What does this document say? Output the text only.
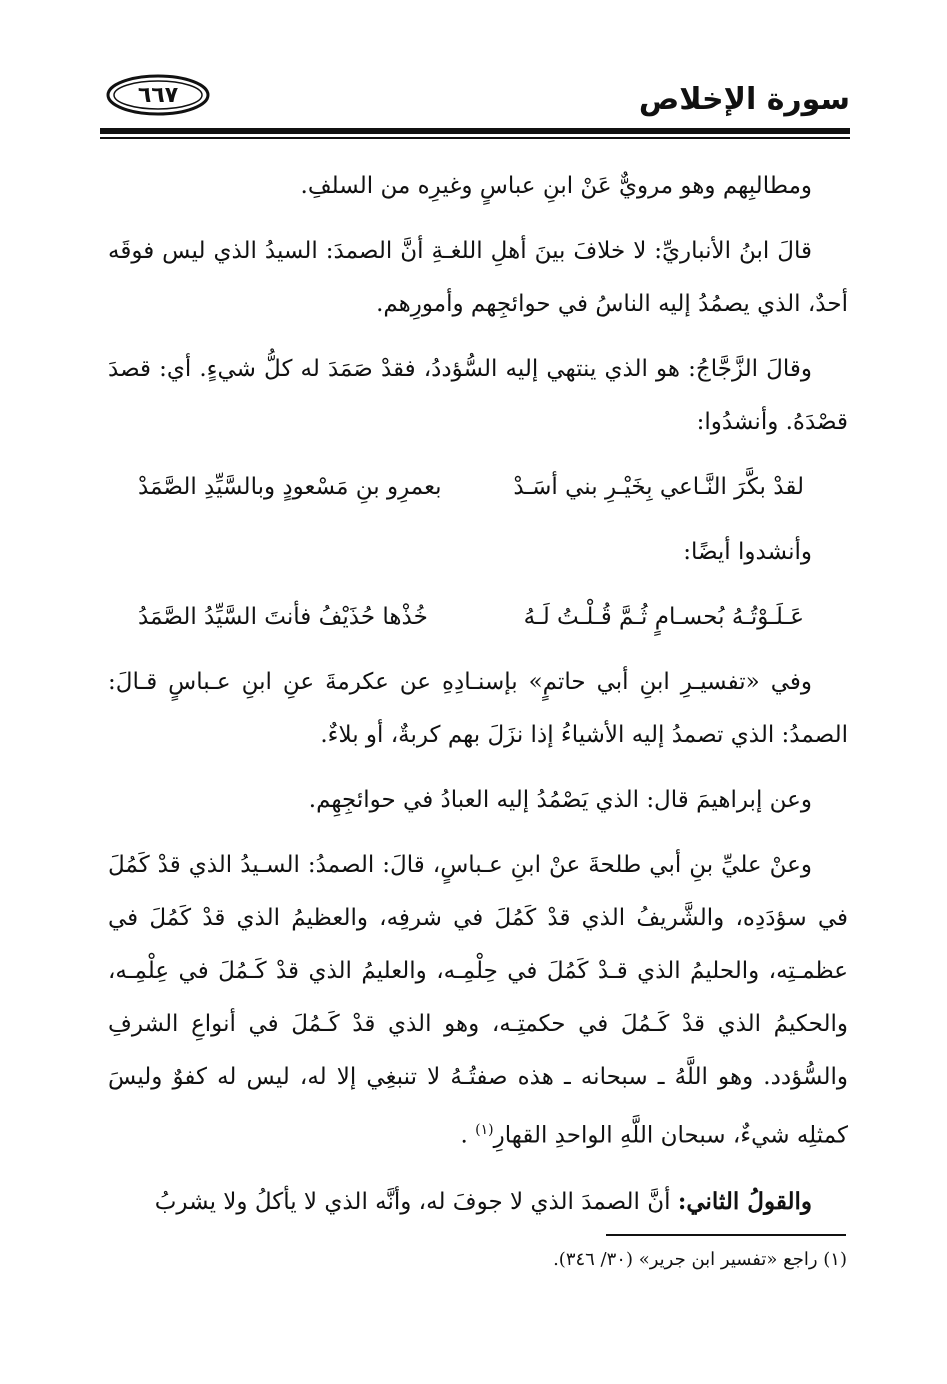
سورة الإخلاص
٦٦٧

ومطالبِهم وهو مرويٌّ عَنْ ابنِ عباسٍ وغيرِه من السلفِ.

قالَ ابنُ الأنباريِّ: لا خلافَ بينَ أهلِ اللغـةِ أنَّ الصمدَ: السيدُ الذي ليس فوقَه أحدٌ، الذي يصمُدُ إليه الناسُ في حوائجِهم وأمورِهم.

وقالَ الزَّجَّاجُ: هو الذي ينتهي إليه السُّؤددُ، فقدْ صَمَدَ له كلُّ شيءٍ. أي: قصدَ قصْدَهُ. وأنشدُوا:

لقدْ بكَّرَ النَّـاعي بِخَيْـرِ بني أسَـدْ
بعمرِو بنِ مَسْعودٍ وبالسَّيِّدِ الصَّمَدْ

وأنشدوا أيضًا:

عَـلَـوْتُـهُ بُحسـامٍ ثُـمَّ قُـلْـتُ لَـهُ
خُذْها حُذَيْفُ فأنتَ السَّيِّدُ الصَّمَدُ

وفي «تفسيـرِ ابنِ أبي حاتمٍ» بإسنـادِهِ عن عكرمةَ عنِ ابنِ عـباسٍ قـالَ: الصمدُ: الذي تصمدُ إليه الأشياءُ إذا نزَلَ بهم كربةٌ، أو بلاءٌ.

وعن إبراهيمَ قال: الذي يَصْمُدُ إليه العبادُ في حوائجِهِم.

وعنْ عليِّ بنِ أبي طلحةَ عنْ ابنِ عـباسٍ، قالَ: الصمدُ: السـيدُ الذي قدْ كَمُلَ في سؤدَدِه، والشَّريفُ الذي قدْ كَمُلَ في شرفِه، والعظيمُ الذي قدْ كَمُلَ في عظمـتِه، والحليمُ الذي قـدْ كَمُلَ في حِلْمِـه، والعليمُ الذي قدْ كَـمُلَ في عِلْمِـه، والحكيمُ الذي قدْ كَـمُلَ في حكمتِـه، وهو الذي قدْ كَـمُلَ في أنواعِ الشرفِ والسُّؤدد. وهو اللَّهُ ـ سبحانه ـ هذه صفتُـهُ لا تنبغِي إلا له، ليس له كفوٌ وليسَ كمثلِه شيءٌ، سبحان اللَّهِ الواحدِ القهارِ$^{(١)}$ .

والقولُ الثاني: أنَّ الصمدَ الذي لا جوفَ له، وأنَّه الذي لا يأكلُ ولا يشربُ

(١) راجع «تفسير ابن جرير» (٣٠/ ٣٤٦).
